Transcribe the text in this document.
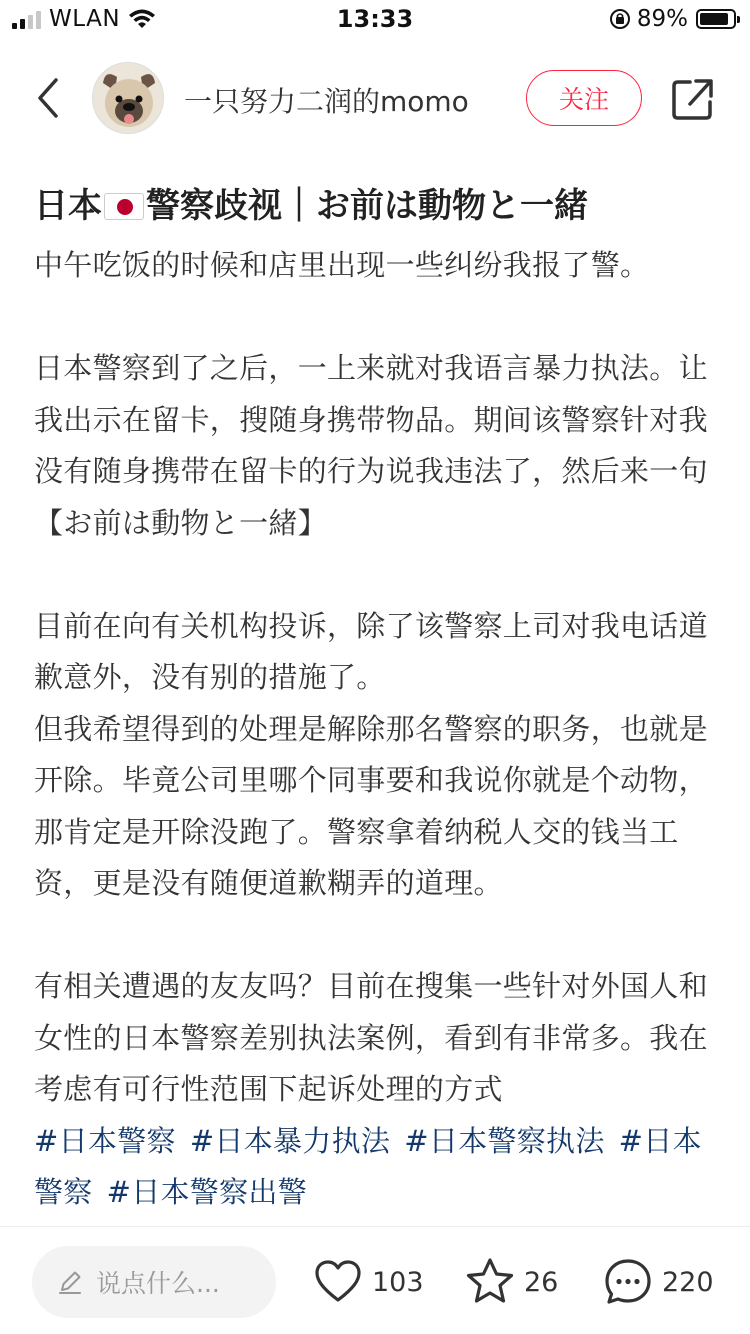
WLAN	13:33	89%
一只努力二润的momo	关注
日本 警察歧视｜お前は動物と一緒
中午吃饭的时候和店里出现一些纠纷我报了警。
日本警察到了之后，一上来就对我语言暴力执法。让我出示在留卡，搜随身携带物品。期间该警察针对我没有随身携带在留卡的行为说我违法了，然后来一句【お前は動物と一緒】
目前在向有关机构投诉，除了该警察上司对我电话道歉意外，没有别的措施了。
但我希望得到的处理是解除那名警察的职务，也就是开除。毕竟公司里哪个同事要和我说你就是个动物，那肯定是开除没跑了。警察拿着纳税人交的钱当工资，更是没有随便道歉糊弄的道理。
有相关遭遇的友友吗？目前在搜集一些针对外国人和女性的日本警察差别执法案例，看到有非常多。我在考虑有可行性范围下起诉处理的方式
#日本警察 #日本暴力执法 #日本警察执法 #日本警察 #日本警察出警
说点什么...	103	26	220
